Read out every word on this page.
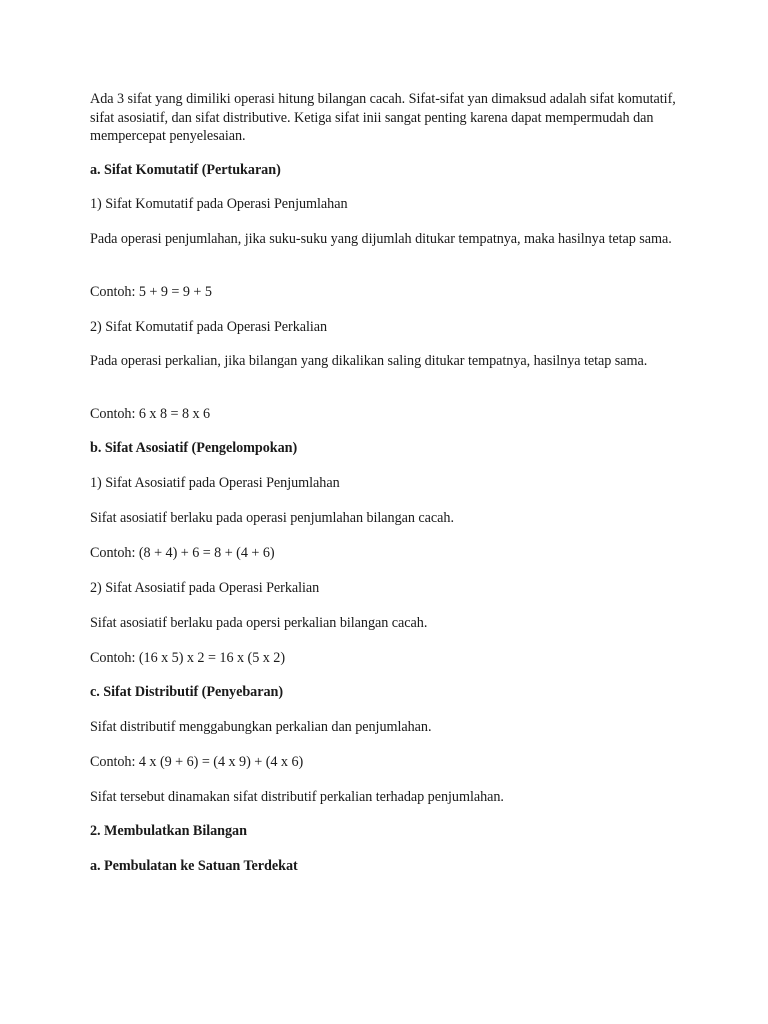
Ada 3 sifat yang dimiliki operasi hitung bilangan cacah. Sifat-sifat yan dimaksud adalah sifat komutatif, sifat asosiatif, dan sifat distributive. Ketiga sifat inii sangat penting karena dapat mempermudah dan mempercepat penyelesaian.
a. Sifat Komutatif (Pertukaran)
1) Sifat Komutatif pada Operasi Penjumlahan
Pada operasi penjumlahan, jika suku-suku yang dijumlah ditukar tempatnya, maka hasilnya tetap sama.
Contoh: 5 + 9 = 9 + 5
2) Sifat Komutatif pada Operasi Perkalian
Pada operasi perkalian, jika bilangan yang dikalikan saling ditukar tempatnya, hasilnya tetap sama.
Contoh: 6 x 8 = 8 x 6
b. Sifat Asosiatif (Pengelompokan)
1) Sifat Asosiatif pada Operasi Penjumlahan
Sifat asosiatif berlaku pada operasi penjumlahan bilangan cacah.
Contoh: (8 + 4) + 6 = 8 + (4 + 6)
2) Sifat Asosiatif pada Operasi Perkalian
Sifat asosiatif berlaku pada opersi perkalian bilangan cacah.
Contoh: (16 x 5) x 2 = 16 x (5 x 2)
c. Sifat Distributif (Penyebaran)
Sifat distributif menggabungkan perkalian dan penjumlahan.
Contoh: 4 x (9 + 6) = (4 x 9) + (4 x 6)
Sifat tersebut dinamakan sifat distributif perkalian terhadap penjumlahan.
2. Membulatkan Bilangan
a. Pembulatan ke Satuan Terdekat
